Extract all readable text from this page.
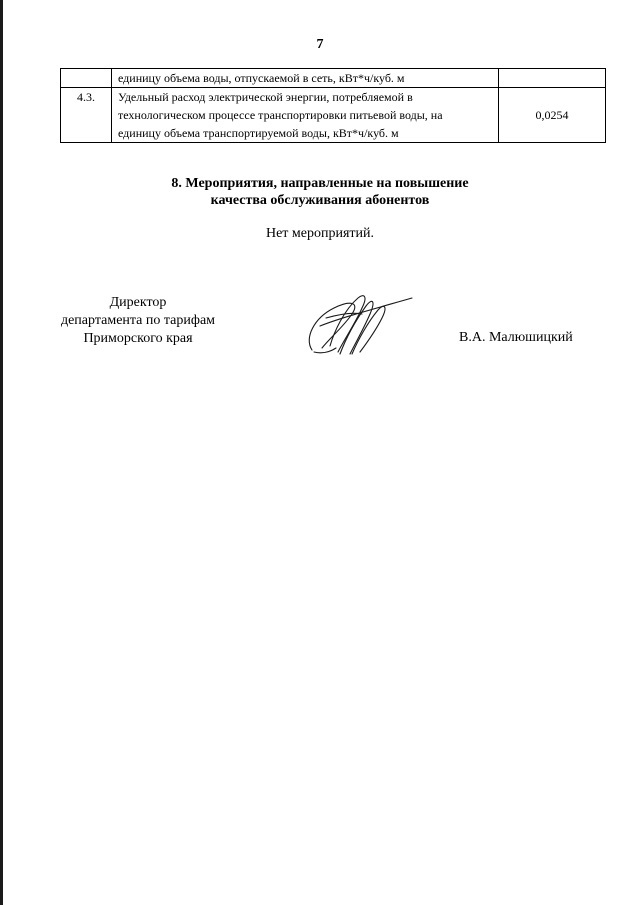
7

	единицу объема воды, отпускаемой в сеть, кВт*ч/куб. м	

4.3.	Удельный расход электрической энергии, потребляемой в
технологическом процессе транспортировки питьевой воды, на
единицу объема транспортируемой воды, кВт*ч/куб. м	0,0254
8. Мероприятия, направленные на повышение
качества обслуживания абонентов
Нет мероприятий.
Директор
департамента по тарифам
Приморского края	В.А. Малюшицкий
